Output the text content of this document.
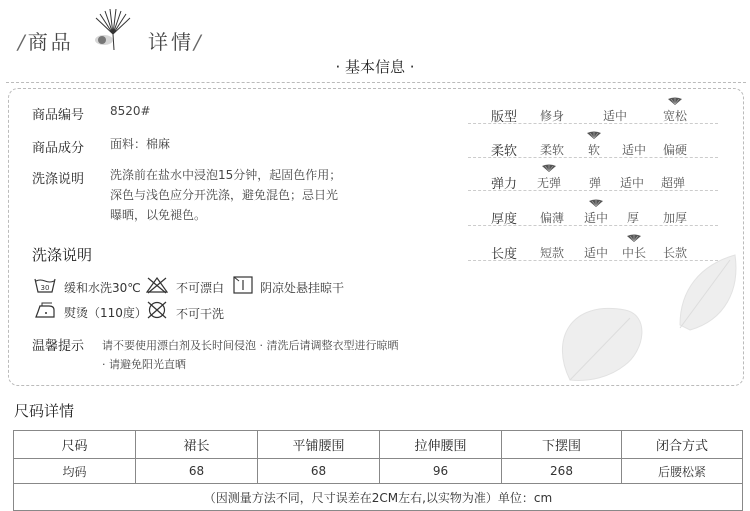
/商品	详情/
· 基本信息 ·
商品编号 8520#
商品成分 面料：棉麻
洗涤说明 洗涤前在盐水中浸泡15分钟，起固色作用；
深色与浅色应分开洗涤，避免混色；忌日光
曝晒，以免褪色。
洗涤说明
30 缓和水洗30℃	不可漂白	阴凉处悬挂晾干
熨烫（110度） 不可干洗
温馨提示 请不要使用漂白剂及长时间侵泡 · 清洗后请调整衣型进行晾晒
· 请避免阳光直晒
版型 修身	适中	宽松
柔软 柔软 软 适中 偏硬
弹力 无弹 弹 适中 超弹
厚度 偏薄 适中 厚 加厚
长度 短款 适中 中长 长款
尺码详情
尺码	裙长	平铺腰围	拉伸腰围	下摆围	闭合方式
均码	68	68	96	268	后腰松紧
（因测量方法不同，尺寸误差在2CM左右,以实物为准）单位：cm					
